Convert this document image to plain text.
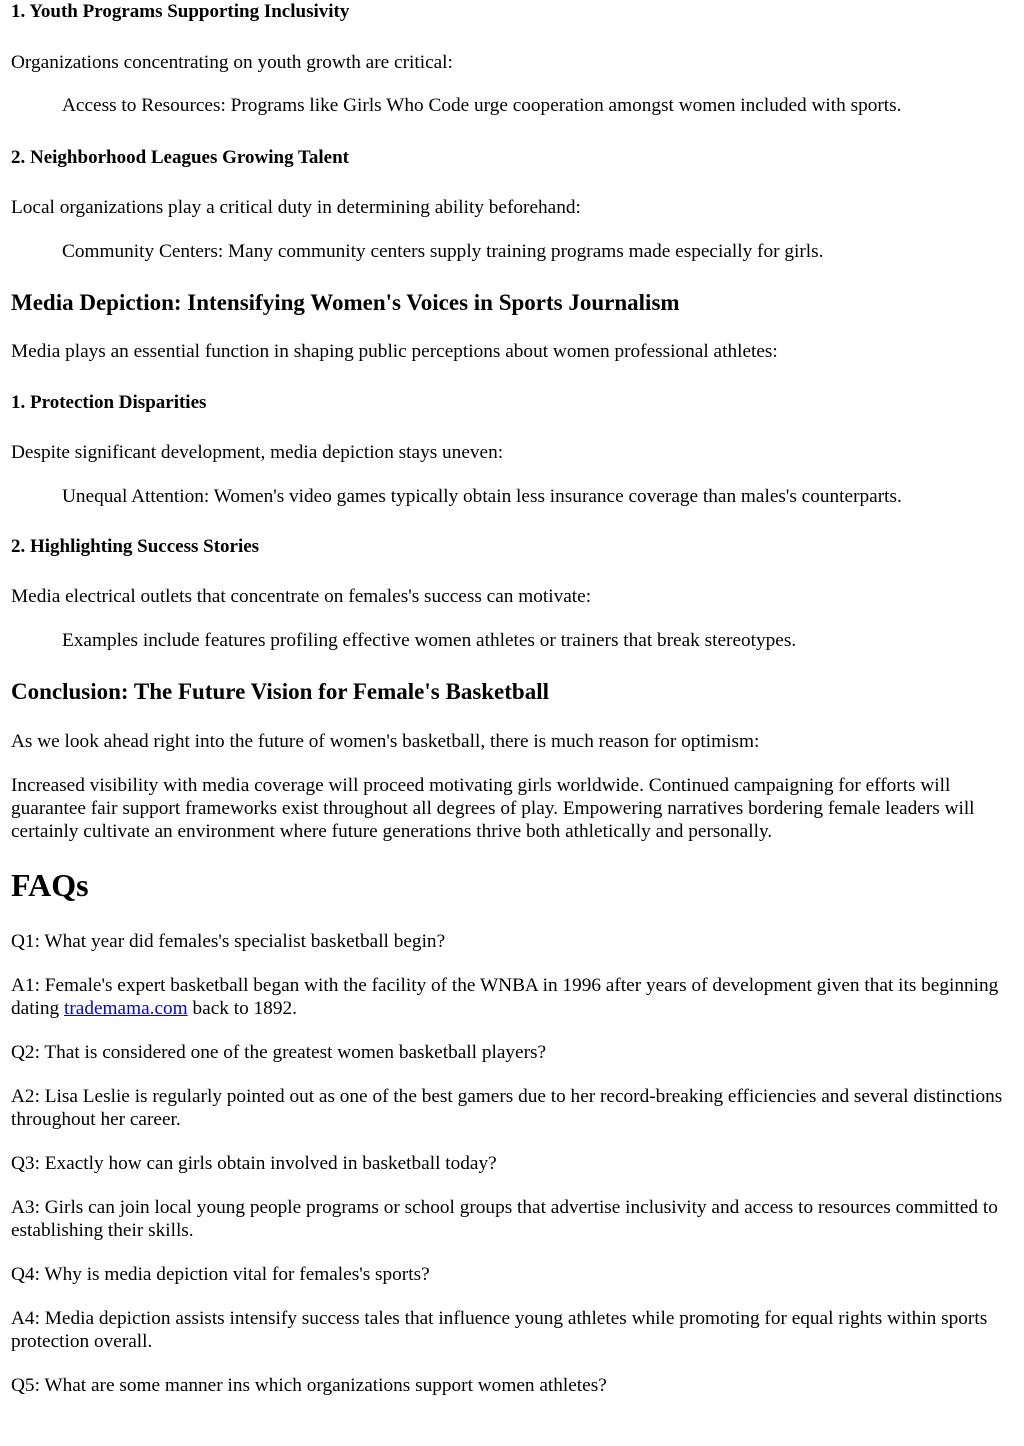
1. Youth Programs Supporting Inclusivity
Organizations concentrating on youth growth are critical:
Access to Resources: Programs like Girls Who Code urge cooperation amongst women included with sports.
2. Neighborhood Leagues Growing Talent
Local organizations play a critical duty in determining ability beforehand:
Community Centers: Many community centers supply training programs made especially for girls.
Media Depiction: Intensifying Women's Voices in Sports Journalism
Media plays an essential function in shaping public perceptions about women professional athletes:
1. Protection Disparities
Despite significant development, media depiction stays uneven:
Unequal Attention: Women's video games typically obtain less insurance coverage than males's counterparts.
2. Highlighting Success Stories
Media electrical outlets that concentrate on females's success can motivate:
Examples include features profiling effective women athletes or trainers that break stereotypes.
Conclusion: The Future Vision for Female's Basketball
As we look ahead right into the future of women's basketball, there is much reason for optimism:
Increased visibility with media coverage will proceed motivating girls worldwide. Continued campaigning for efforts will guarantee fair support frameworks exist throughout all degrees of play. Empowering narratives bordering female leaders will certainly cultivate an environment where future generations thrive both athletically and personally.
FAQs
Q1: What year did females's specialist basketball begin?
A1: Female's expert basketball began with the facility of the WNBA in 1996 after years of development given that its beginning dating trademama.com back to 1892.
Q2: That is considered one of the greatest women basketball players?
A2: Lisa Leslie is regularly pointed out as one of the best gamers due to her record-breaking efficiencies and several distinctions throughout her career.
Q3: Exactly how can girls obtain involved in basketball today?
A3: Girls can join local young people programs or school groups that advertise inclusivity and access to resources committed to establishing their skills.
Q4: Why is media depiction vital for females's sports?
A4: Media depiction assists intensify success tales that influence young athletes while promoting for equal rights within sports protection overall.
Q5: What are some manner ins which organizations support women athletes?
